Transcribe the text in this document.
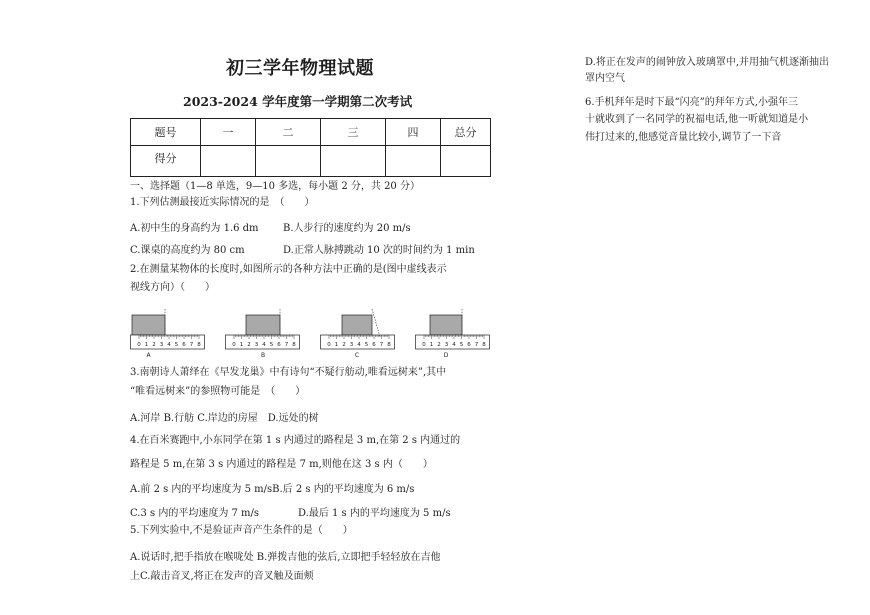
初三学年物理试题
2023-2024 学年度第一学期第二次考试
题号	一	二	三	四	总分
得分					
一、选择题（1—8 单选，9—10 多选，每小题 2 分，共 20 分）
1.下列估测最接近实际情况的是　（　　）
A.初中生的身高约为 1.6 dm B.人步行的速度约为 20 m/s
C.课桌的高度约为 80 cm	D.正常人脉搏跳动 10 次的时间约为 1 min
2.在测量某物体的长度时,如图所示的各种方法中正确的是(图中虚线表示
视线方向）（　　）
0 1 2 3 4 5 6 7 8
A
0 1 2 3 4 5 6 7 8
B
0 1 2 3 4 5 6 7 8
C
0 1 2 3 4 5 6 7 8
D
3.南朝诗人萧绎在《早发龙巢》中有诗句“不疑行舫动,唯看远树来”,其中
“唯看远树来”的参照物可能是　（　　）
A.河岸 B.行舫 C.岸边的房屋　D.远处的树
4.在百米赛跑中,小东同学在第 1 s 内通过的路程是 3 m,在第 2 s 内通过的
路程是 5 m,在第 3 s 内通过的路程是 7 m,则他在这 3 s 内（　　）
A.前 2 s 内的平均速度为 5 m/sB.后 2 s 内的平均速度为 6 m/s
C.3 s 内的平均速度为 7 m/s	D.最后 1 s 内的平均速度为 5 m/s
5.下列实验中,不是验证声音产生条件的是（　　）
A.说话时,把手指放在喉咙处 B.弹拨吉他的弦后,立即把手轻轻放在吉他
上C.敲击音叉,将正在发声的音叉触及面颊
D.将正在发声的闹钟放入玻璃罩中,并用抽气机逐渐抽出
罩内空气
6.手机拜年是时下最“闪亮”的拜年方式,小强年三
十就收到了一名同学的祝福电话,他一听就知道是小
伟打过来的,他感觉音量比较小,调节了一下音
